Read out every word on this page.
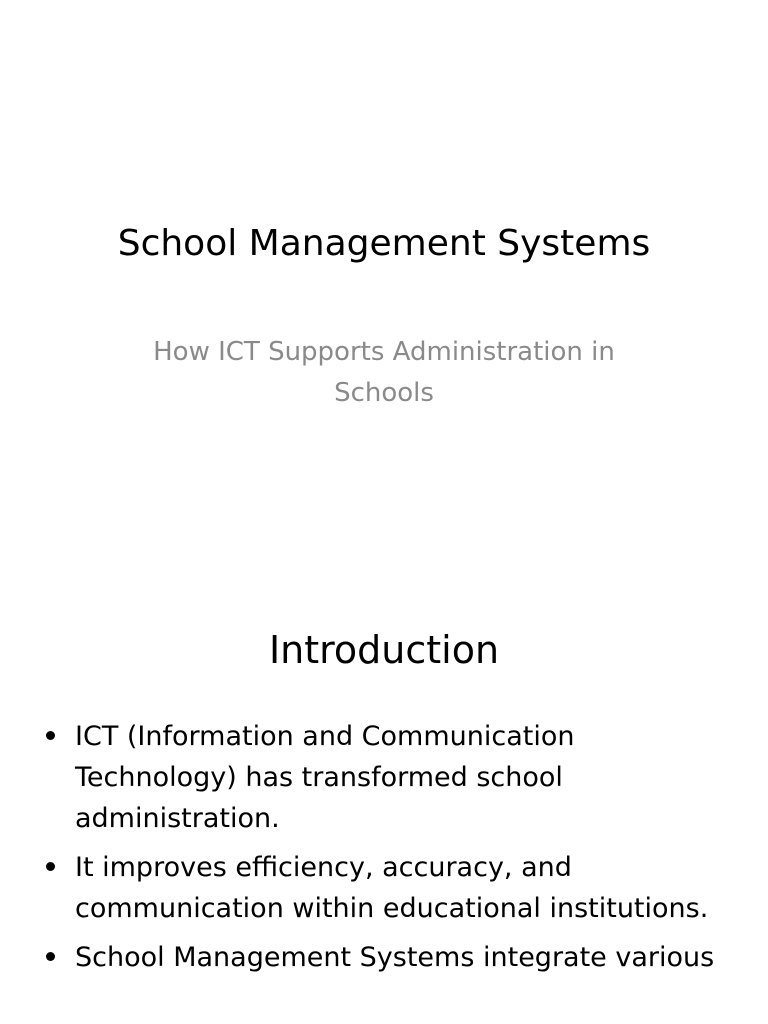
School Management Systems
How ICT Supports Administration in Schools
Introduction
ICT (Information and Communication Technology) has transformed school administration.
It improves efficiency, accuracy, and communication within educational institutions.
School Management Systems integrate various
